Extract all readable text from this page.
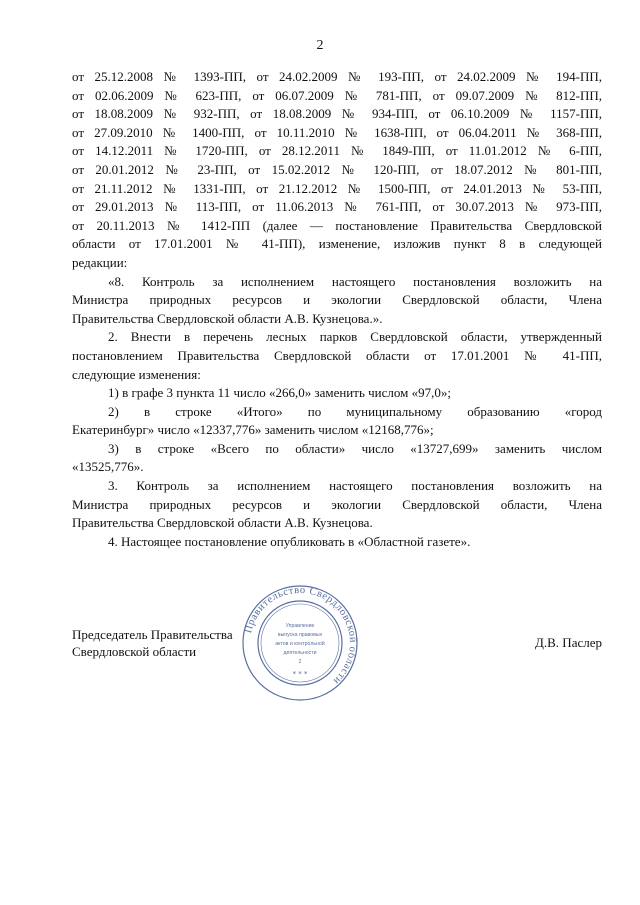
2
от 25.12.2008 № 1393-ПП, от 24.02.2009 № 193-ПП, от 24.02.2009 № 194-ПП,
от 02.06.2009 № 623-ПП, от 06.07.2009 № 781-ПП, от 09.07.2009 № 812-ПП,
от 18.08.2009 № 932-ПП, от 18.08.2009 № 934-ПП, от 06.10.2009 № 1157-ПП,
от 27.09.2010 № 1400-ПП, от 10.11.2010 № 1638-ПП, от 06.04.2011 № 368-ПП,
от 14.12.2011 № 1720-ПП, от 28.12.2011 № 1849-ПП, от 11.01.2012 № 6-ПП,
от 20.01.2012 № 23-ПП, от 15.02.2012 № 120-ПП, от 18.07.2012 № 801-ПП,
от 21.11.2012 № 1331-ПП, от 21.12.2012 № 1500-ПП, от 24.01.2013 № 53-ПП,
от 29.01.2013 № 113-ПП, от 11.06.2013 № 761-ПП, от 30.07.2013 № 973-ПП,
от 20.11.2013 № 1412-ПП (далее — постановление Правительства Свердловской
области от 17.01.2001 № 41-ПП), изменение, изложив пункт 8 в следующей
редакции:
«8. Контроль за исполнением настоящего постановления возложить на
Министра природных ресурсов и экологии Свердловской области, Члена
Правительства Свердловской области А.В. Кузнецова.».
2. Внести в перечень лесных парков Свердловской области, утвержденный
постановлением Правительства Свердловской области от 17.01.2001 № 41-ПП,
следующие изменения:
1) в графе 3 пункта 11 число «266,0» заменить числом «97,0»;
2) в строке «Итого» по муниципальному образованию «город
Екатеринбург» число «12337,776» заменить числом «12168,776»;
3) в строке «Всего по области» число «13727,699» заменить числом
«13525,776».
3. Контроль за исполнением настоящего постановления возложить на
Министра природных ресурсов и экологии Свердловской области, Члена
Правительства Свердловской области А.В. Кузнецова.
4. Настоящее постановление опубликовать в «Областной газете».
Правительство Свердловской области
Управление
выпуска правовых
актов и контрольной
деятельности
2
* * *
Председатель Правительства
Свердловской области
Д.В. Паслер
